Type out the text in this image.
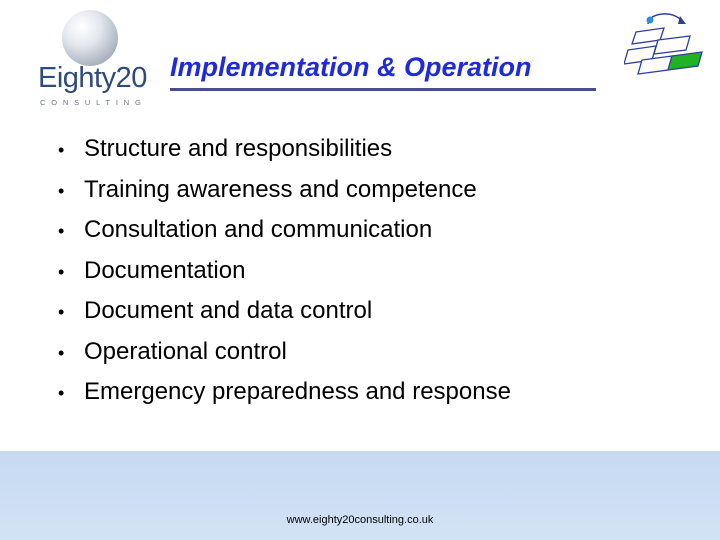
Eighty20
CONSULTING
Implementation & Operation
• Structure and responsibilities
• Training awareness and competence
• Consultation and communication
• Documentation
• Document and data control
• Operational control
• Emergency preparedness and response
www.eighty20consulting.co.uk
